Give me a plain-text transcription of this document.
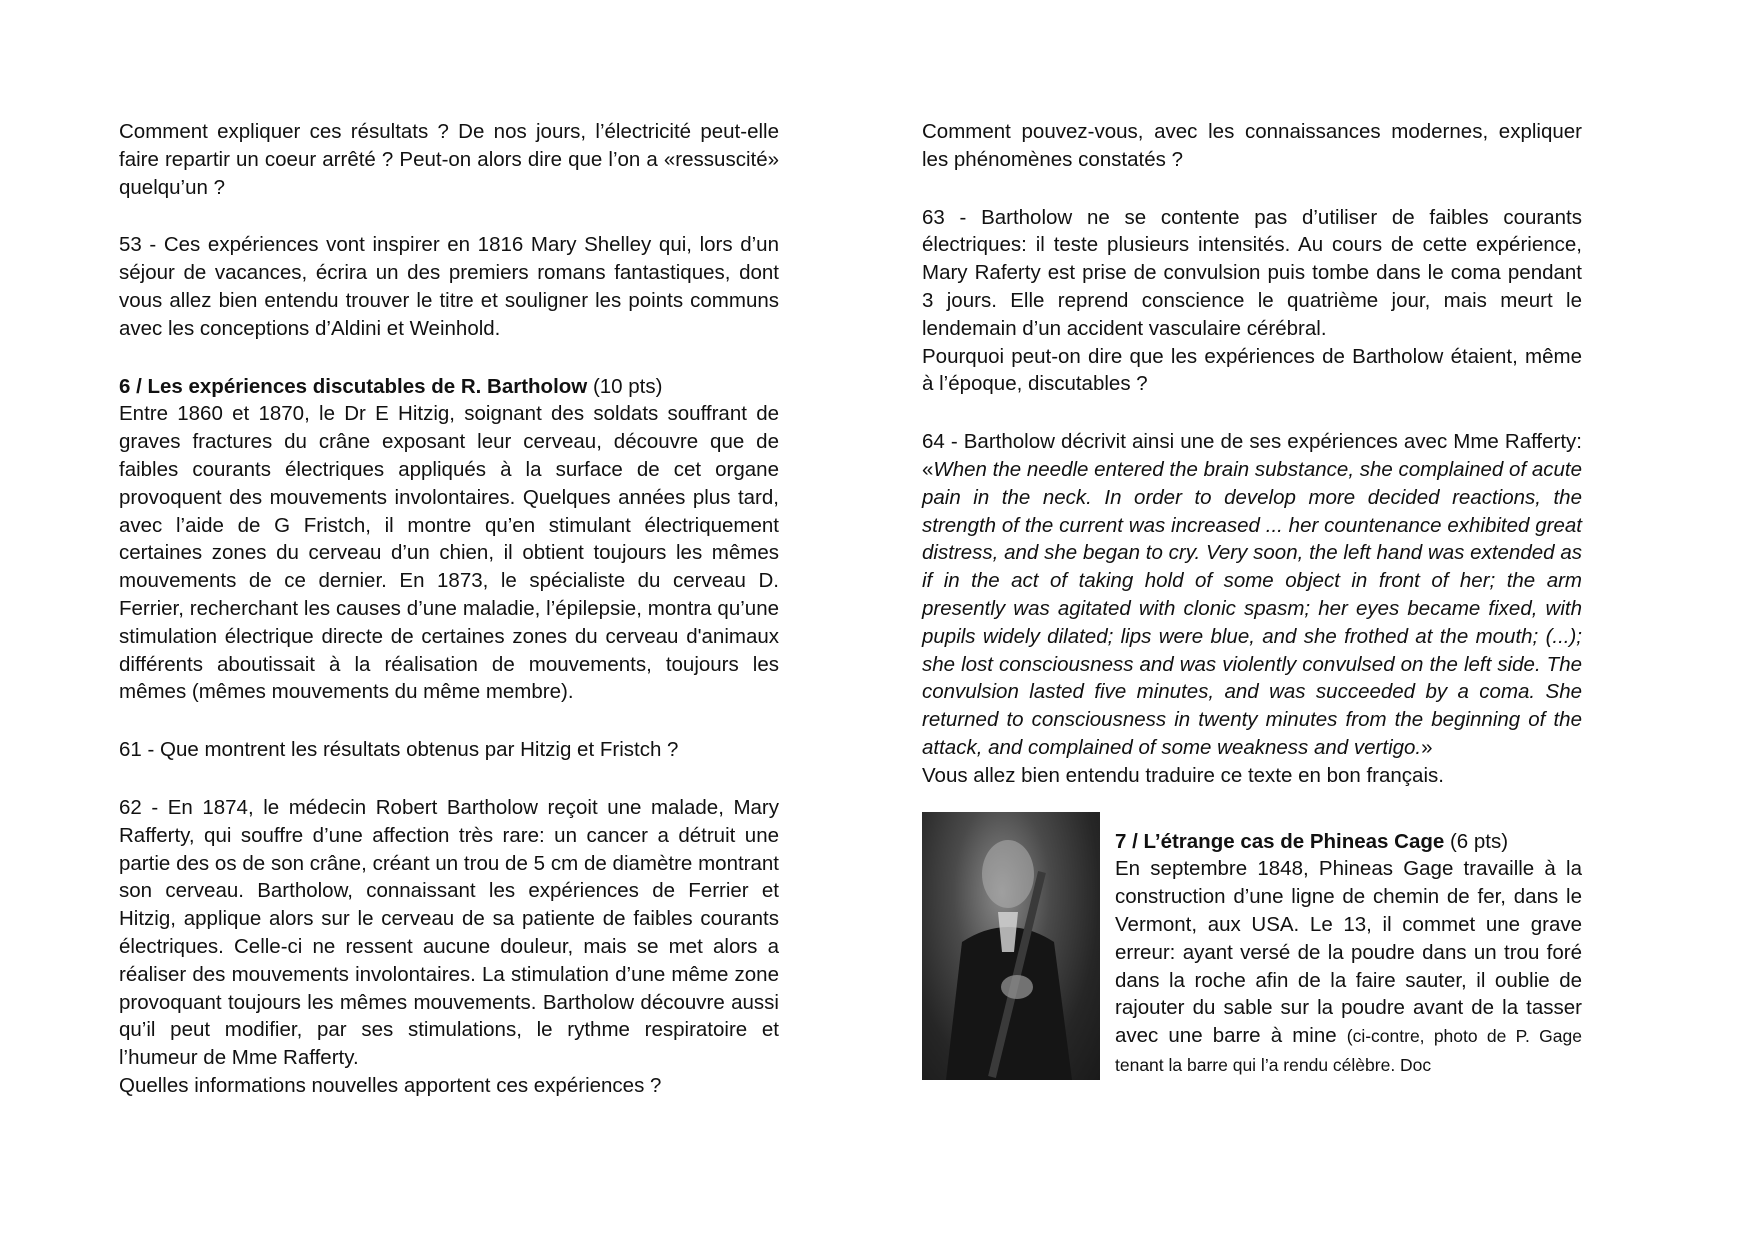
Comment expliquer ces résultats ? De nos jours, l’électricité peut-elle faire repartir un coeur arrêté ? Peut-on alors dire que l’on a «ressuscité» quelqu’un ?

53 - Ces expériences vont inspirer en 1816 Mary Shelley qui, lors d’un séjour de vacances, écrira un des premiers romans fantastiques, dont vous allez bien entendu trouver le titre et souligner les points communs avec les conceptions d’Aldini et Weinhold.

6 / Les expériences discutables de R. Bartholow (10 pts)

Entre 1860 et 1870, le Dr E Hitzig, soignant des soldats souffrant de graves fractures du crâne exposant leur cerveau, découvre que de faibles courants électriques appliqués à la surface de cet organe provoquent des mouvements involontaires. Quelques années plus tard, avec l’aide de G Fristch, il montre qu’en stimulant électriquement certaines zones du cerveau d’un chien, il obtient toujours les mêmes mouvements de ce dernier. En 1873, le spécialiste du cerveau D. Ferrier, recherchant les causes d’une maladie, l’épilepsie, montra qu’une stimulation électrique directe de certaines zones du cerveau d'animaux différents aboutissait à la réalisation de mouvements, toujours les mêmes (mêmes mouvements du même membre).

61 - Que montrent les résultats obtenus par Hitzig et Fristch ?

62 - En 1874, le médecin Robert Bartholow reçoit une malade, Mary Rafferty, qui souffre d’une affection très rare: un cancer a détruit une partie des os de son crâne, créant un trou de 5 cm de diamètre montrant son cerveau. Bartholow, connaissant les expériences de Ferrier et Hitzig, applique alors sur le cerveau de sa patiente de faibles courants électriques. Celle-ci ne ressent aucune douleur, mais se met alors a réaliser des mouvements involontaires. La stimulation d’une même zone provoquant toujours les mêmes mouvements. Bartholow découvre aussi qu’il peut modifier, par ses stimulations, le rythme respiratoire et l’humeur de Mme Rafferty.

Quelles informations nouvelles apportent ces expériences ?

Comment pouvez-vous, avec les connaissances modernes, expliquer les phénomènes constatés ?

63 - Bartholow ne se contente pas d’utiliser de faibles courants électriques: il teste plusieurs intensités. Au cours de cette expérience, Mary Raferty est prise de convulsion puis tombe dans le coma pendant 3 jours. Elle reprend conscience le quatrième jour, mais meurt le lendemain d’un accident vasculaire cérébral.

Pourquoi peut-on dire que les expériences de Bartholow étaient, même à l’époque, discutables ?

64 - Bartholow décrivit ainsi une de ses expériences avec Mme Rafferty: «When the needle entered the brain substance, she complained of acute pain in the neck. In order to develop more decided reactions, the strength of the current was increased ... her countenance exhibited great distress, and she began to cry. Very soon, the left hand was extended as if in the act of taking hold of some object in front of her; the arm presently was agitated with clonic spasm; her eyes became fixed, with pupils widely dilated; lips were blue, and she frothed at the mouth; (...); she lost consciousness and was violently convulsed on the left side. The convulsion lasted five minutes, and was succeeded by a coma. She returned to consciousness in twenty minutes from the beginning of the attack, and complained of some weakness and vertigo.»

Vous allez bien entendu traduire ce texte en bon français.

7 / L’étrange cas de Phineas Cage (6 pts)

En septembre 1848, Phineas Gage travaille à la construction d’une ligne de chemin de fer, dans le Vermont, aux USA. Le 13, il commet une grave erreur: ayant versé de la poudre dans un trou foré dans la roche afin de la faire sauter, il oublie de rajouter du sable sur la poudre avant de la tasser avec une barre à mine (ci-contre, photo de P. Gage tenant la barre qui l’a rendu célèbre. Doc
